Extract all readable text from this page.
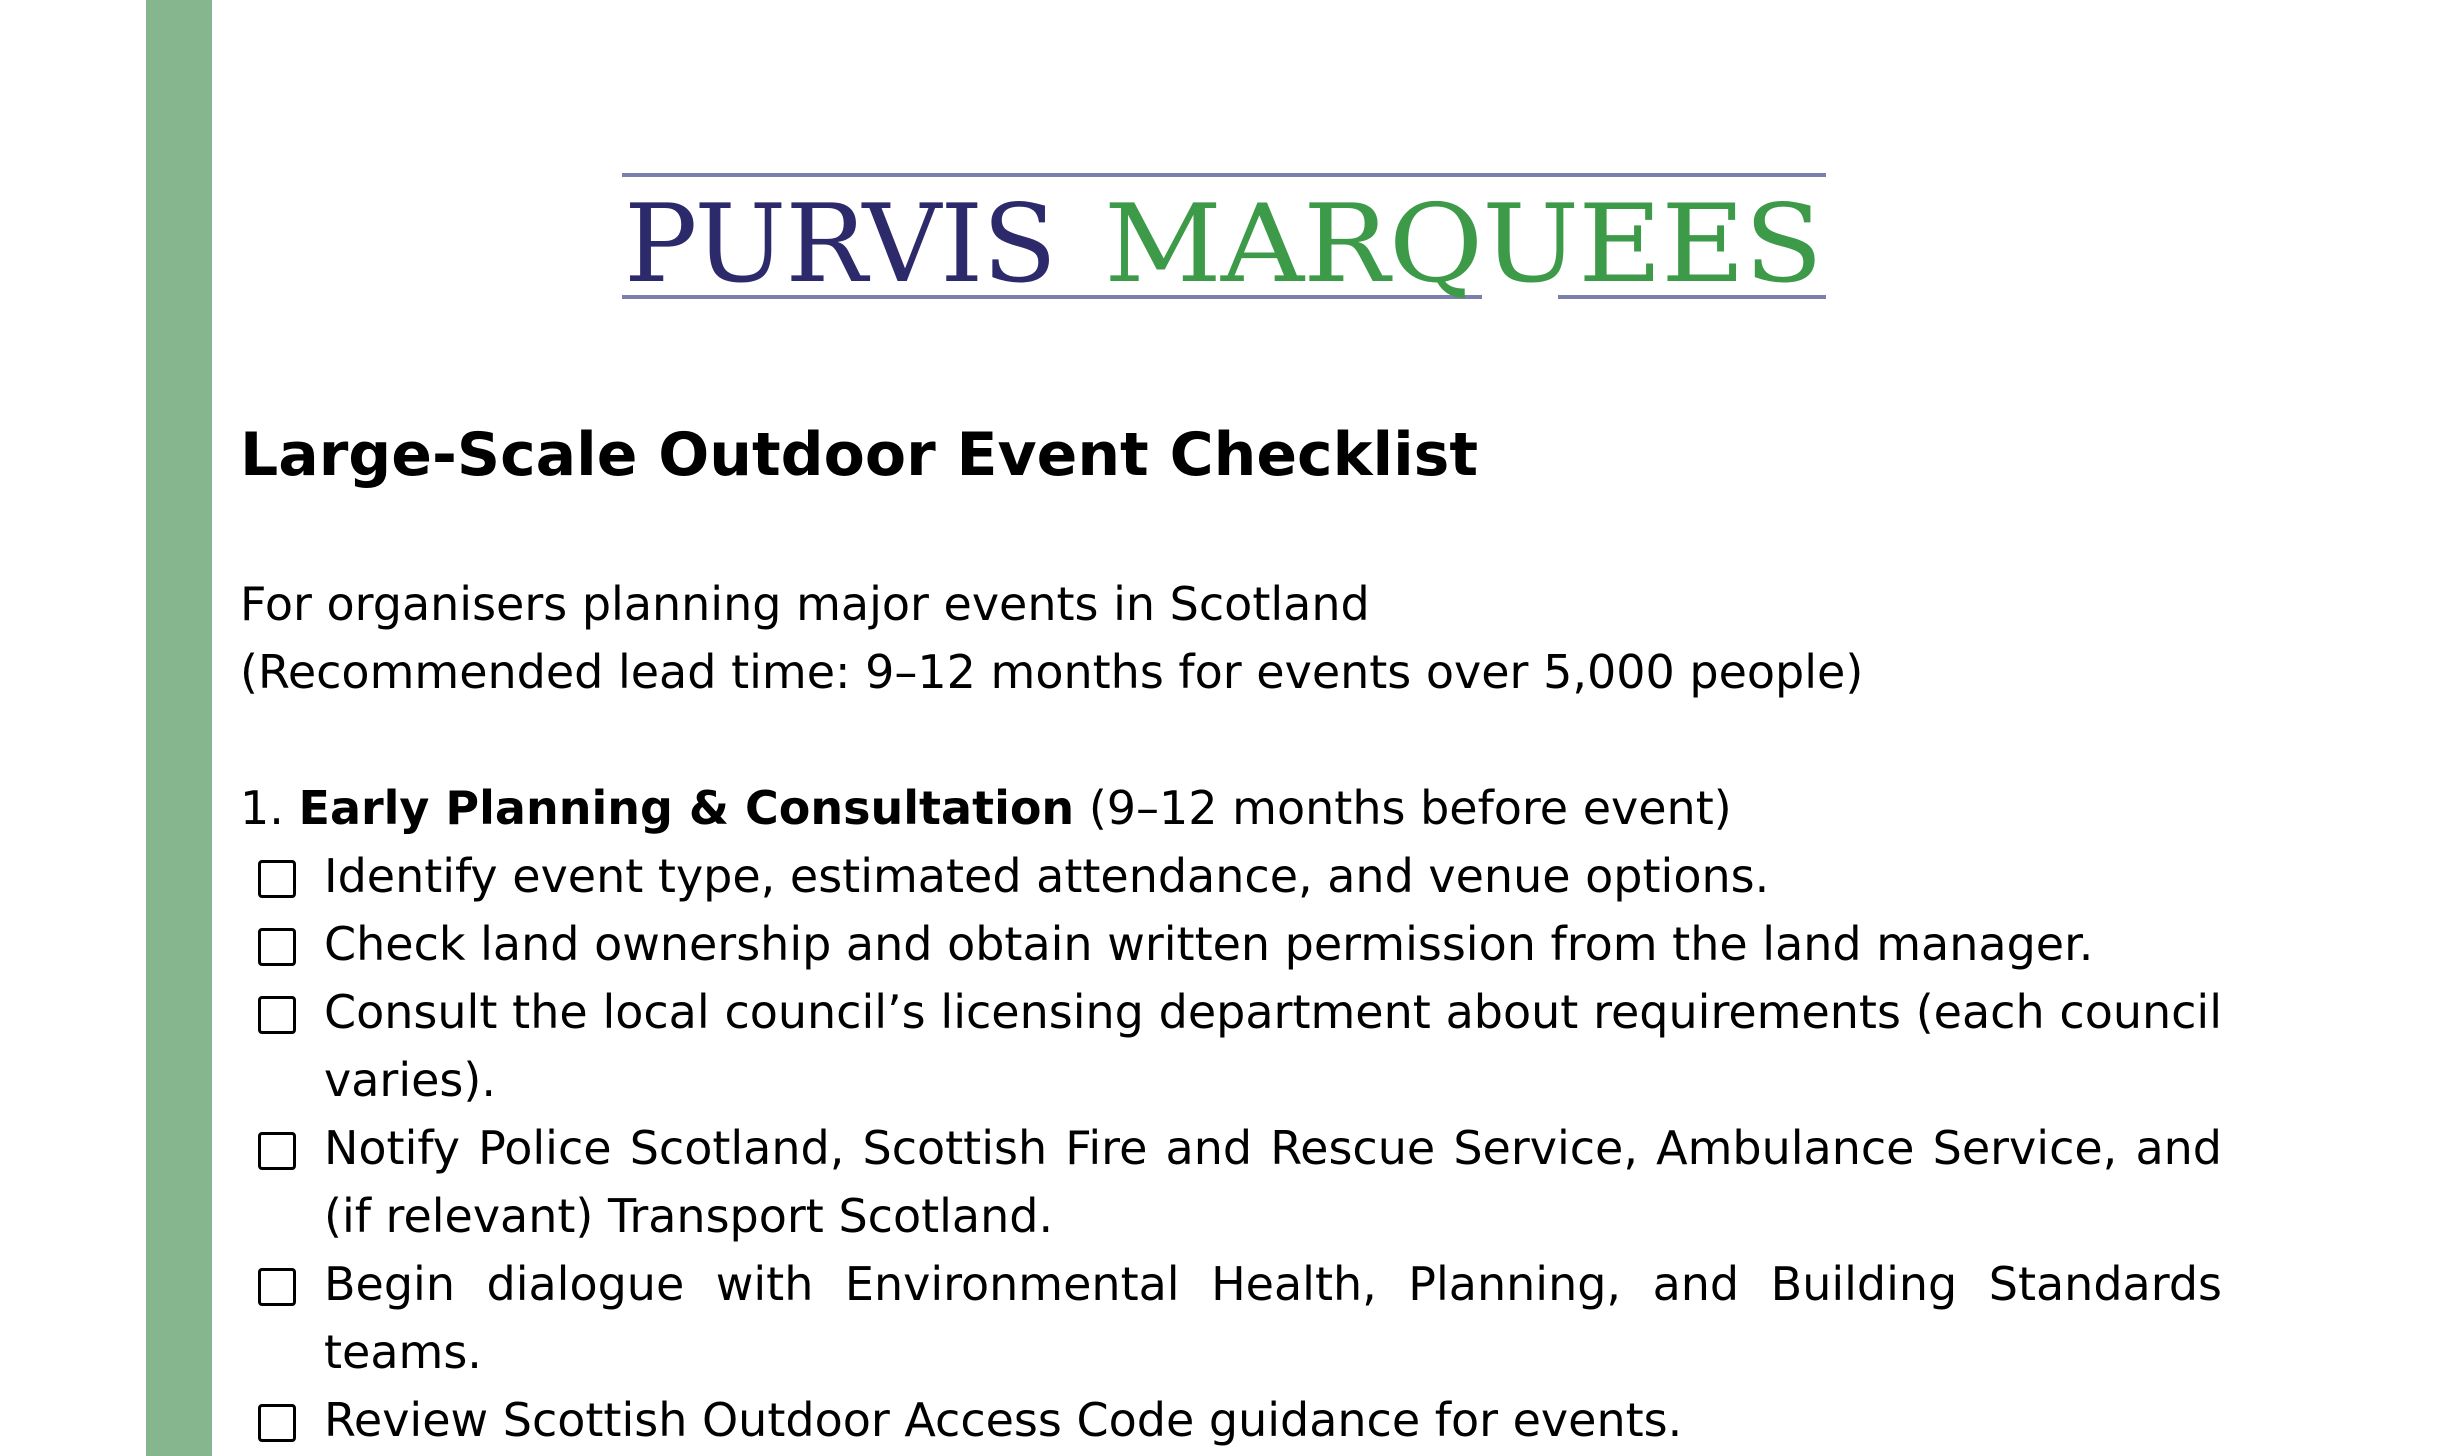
PURVIS MARQUEES
Large-Scale Outdoor Event Checklist
For organisers planning major events in Scotland
(Recommended lead time: 9–12 months for events over 5,000 people)
1. Early Planning & Consultation (9–12 months before event)
Identify event type, estimated attendance, and venue options.
Check land ownership and obtain written permission from the land manager.
Consult the local council’s licensing department about requirements (each council varies).
Notify Police Scotland, Scottish Fire and Rescue Service, Ambulance Service, and (if relevant) Transport Scotland.
Begin dialogue with Environmental Health, Planning, and Building Standards teams.
Review Scottish Outdoor Access Code guidance for events.
